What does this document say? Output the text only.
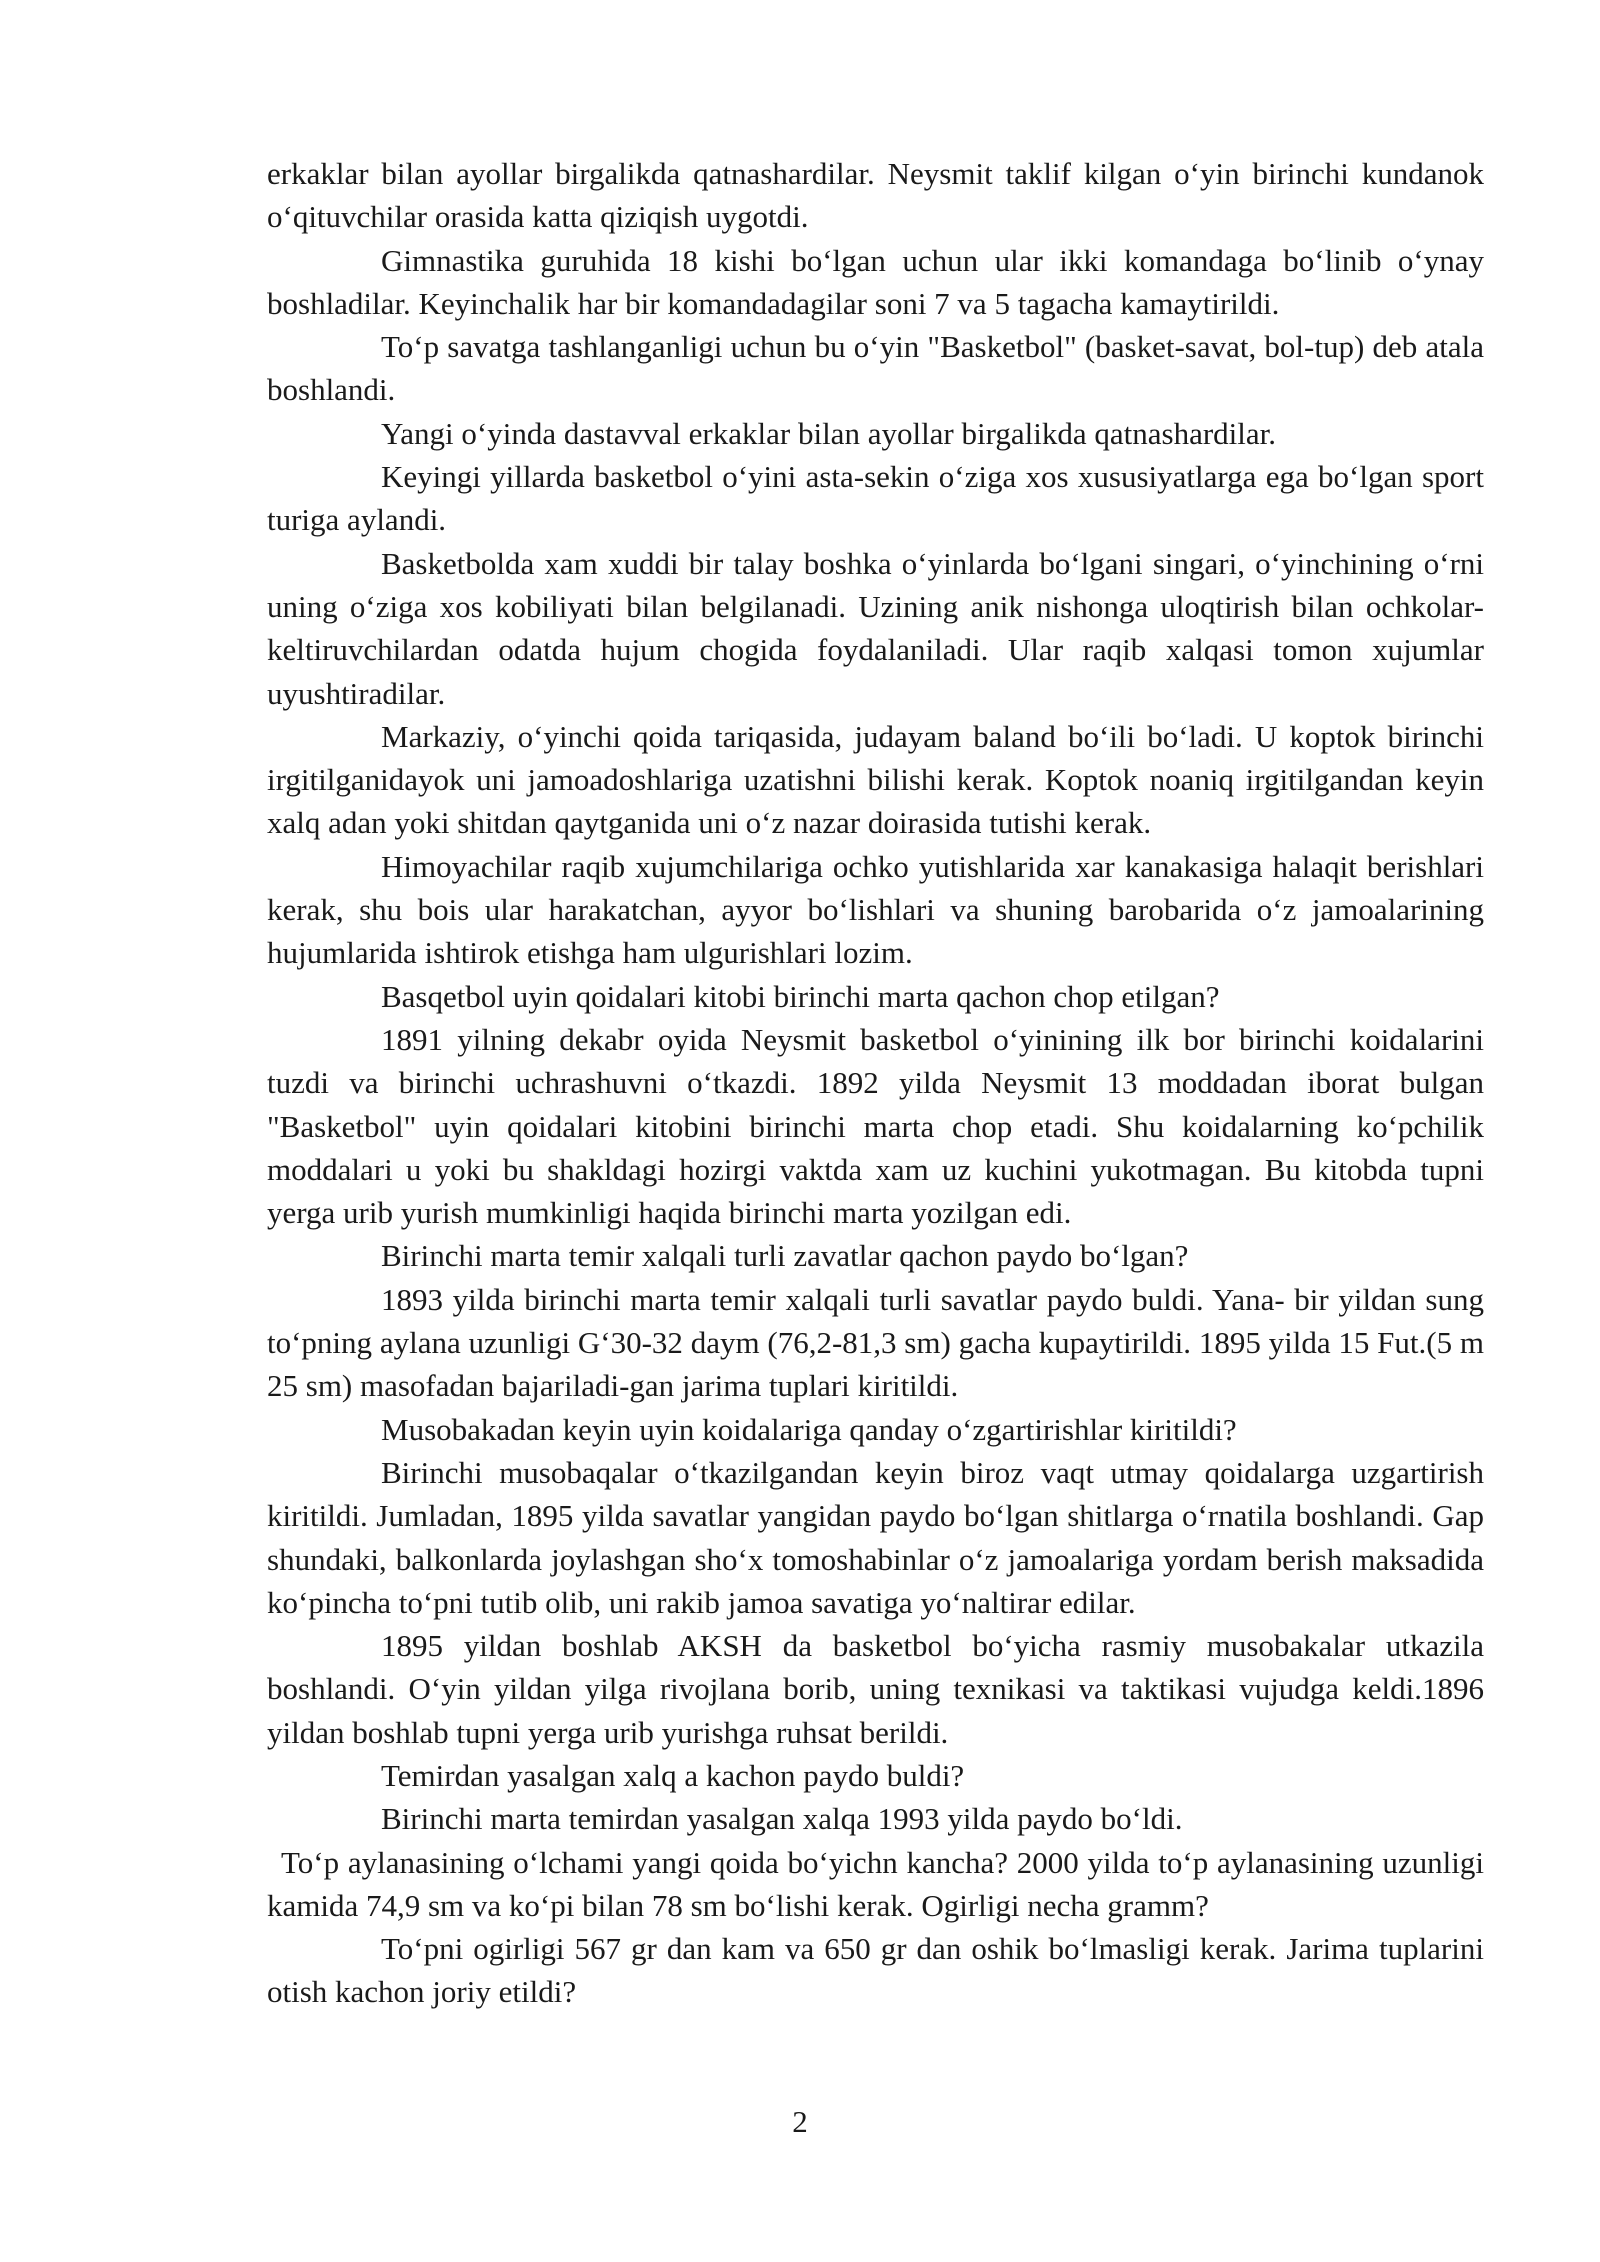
erkaklar bilan ayollar birgalikda qatnashardilar. Neysmit taklif kilgan o‘yin birinchi kundanok o‘qituvchilar orasida katta qiziqish uygotdi.

Gimnastika guruhida 18 kishi bo‘lgan uchun ular ikki komandaga bo‘linib o‘ynay boshladilar. Keyinchalik har bir komandadagilar soni 7 va 5 tagacha kamaytirildi.

To‘p savatga tashlanganligi uchun bu o‘yin "Basketbol" (basket-savat, bol-tup) deb atala boshlandi.

Yangi o‘yinda dastavval erkaklar bilan ayollar birgalikda qatnashardilar.

Keyingi yillarda basketbol o‘yini asta-sekin o‘ziga xos xususiyatlarga ega bo‘lgan sport turiga aylandi.

Basketbolda xam xuddi bir talay boshka o‘yinlarda bo‘lgani singari, o‘yinchining o‘rni uning o‘ziga xos kobiliyati bilan belgilanadi. Uzining anik nishonga uloqtirish bilan ochkolar- keltiruvchilardan odatda hujum chogida foydalaniladi. Ular raqib xalqasi tomon xujumlar uyushtiradilar.

Markaziy, o‘yinchi qoida tariqasida, judayam baland bo‘ili bo‘ladi. U koptok birinchi irgitilganidayok uni jamoadoshlariga uzatishni bilishi kerak. Koptok noaniq irgitilgandan keyin xalq adan yoki shitdan qaytganida uni o‘z nazar doirasida tutishi kerak.

Himoyachilar raqib xujumchilariga ochko yutishlarida xar kanakasiga halaqit berishlari kerak, shu bois ular harakatchan, ayyor bo‘lishlari va shuning barobarida o‘z jamoalarining hujumlarida ishtirok etishga ham ulgurishlari lozim.

Basqetbol uyin qoidalari kitobi birinchi marta qachon chop etilgan?

1891 yilning dekabr oyida Neysmit basketbol o‘yinining ilk bor birinchi koidalarini tuzdi va birinchi uchrashuvni o‘tkazdi. 1892 yilda Neysmit 13 moddadan iborat bulgan "Basketbol" uyin qoidalari kitobini birinchi marta chop etadi. Shu koidalarning ko‘pchilik moddalari u yoki bu shakldagi hozirgi vaktda xam uz kuchini yukotmagan. Bu kitobda tupni yerga urib yurish mumkinligi haqida birinchi marta yozilgan edi.

Birinchi marta temir xalqali turli zavatlar qachon paydo bo‘lgan?

1893 yilda birinchi marta temir xalqali turli savatlar paydo buldi. Yana- bir yildan sung to‘pning aylana uzunligi G‘30-32 daym (76,2-81,3 sm) gacha kupaytirildi. 1895 yilda 15 Fut.(5 m 25 sm) masofadan bajariladi-gan jarima tuplari kiritildi.

Musobakadan keyin uyin koidalariga qanday o‘zgartirishlar kiritildi?

Birinchi musobaqalar o‘tkazilgandan keyin biroz vaqt utmay qoidalarga uzgartirish kiritildi. Jumladan, 1895 yilda savatlar yangidan paydo bo‘lgan shitlarga o‘rnatila boshlandi. Gap shundaki, balkonlarda joylashgan sho‘x tomoshabinlar o‘z jamoalariga yordam berish maksadida ko‘pincha to‘pni tutib olib, uni rakib jamoa savatiga yo‘naltirar edilar.

1895 yildan boshlab AKSH da basketbol bo‘yicha rasmiy musobakalar utkazila boshlandi. O‘yin yildan yilga rivojlana borib, uning texnikasi va taktikasi vujudga keldi.1896 yildan boshlab tupni yerga urib yurishga ruhsat berildi.

Temirdan yasalgan xalq a kachon paydo buldi?

Birinchi marta temirdan yasalgan xalqa 1993 yilda paydo bo‘ldi.

To‘p aylanasining o‘lchami yangi qoida bo‘yichn kancha? 2000 yilda to‘p aylanasining uzunligi kamida 74,9 sm va ko‘pi bilan 78 sm bo‘lishi kerak. Ogirligi necha gramm?

To‘pni ogirligi 567 gr dan kam va 650 gr dan oshik bo‘lmasligi kerak. Jarima tuplarini otish kachon joriy etildi?

2
